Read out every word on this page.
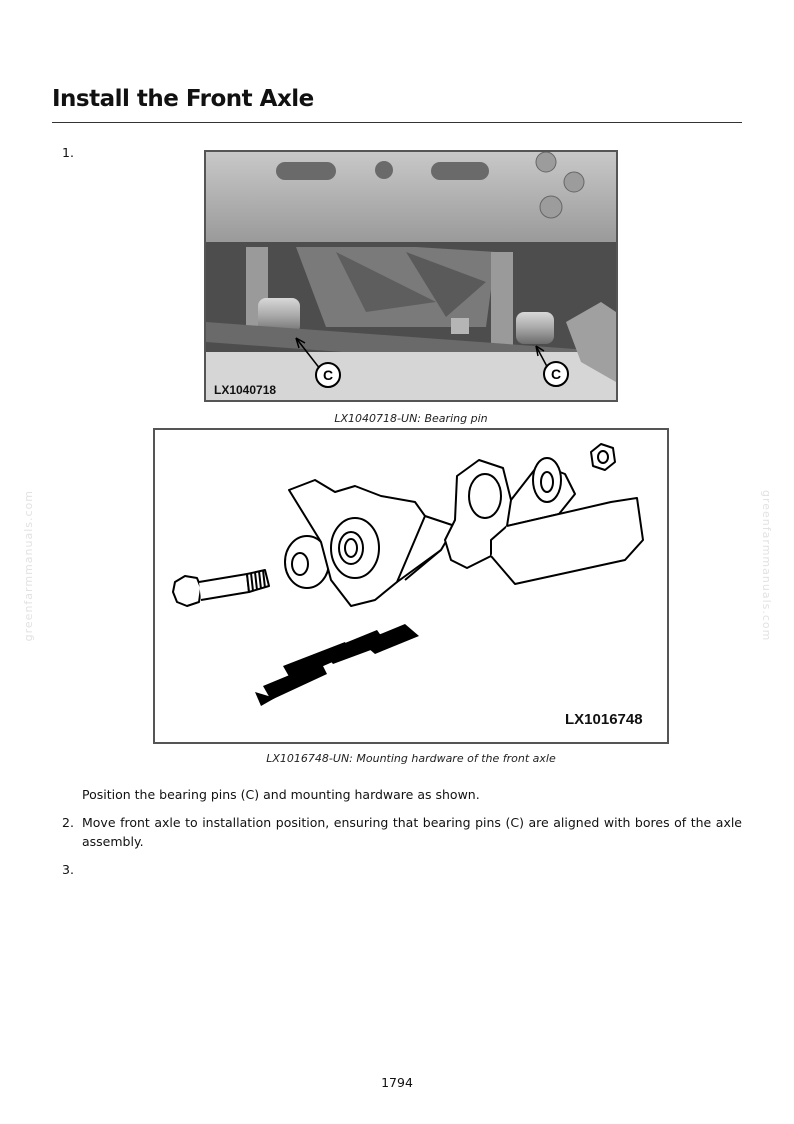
greenfarmmanuals.com	greenfarmmanuals.com
Install the Front Axle
1.
C	C
LX1040718
LX1040718-UN: Bearing pin
LX1016748
LX1016748-UN: Mounting hardware of the front axle
Position the bearing pins (C) and mounting hardware as shown.
2. Move front axle to installation position, ensuring that bearing pins (C) are aligned with bores of the axle assembly.
3.
1794
